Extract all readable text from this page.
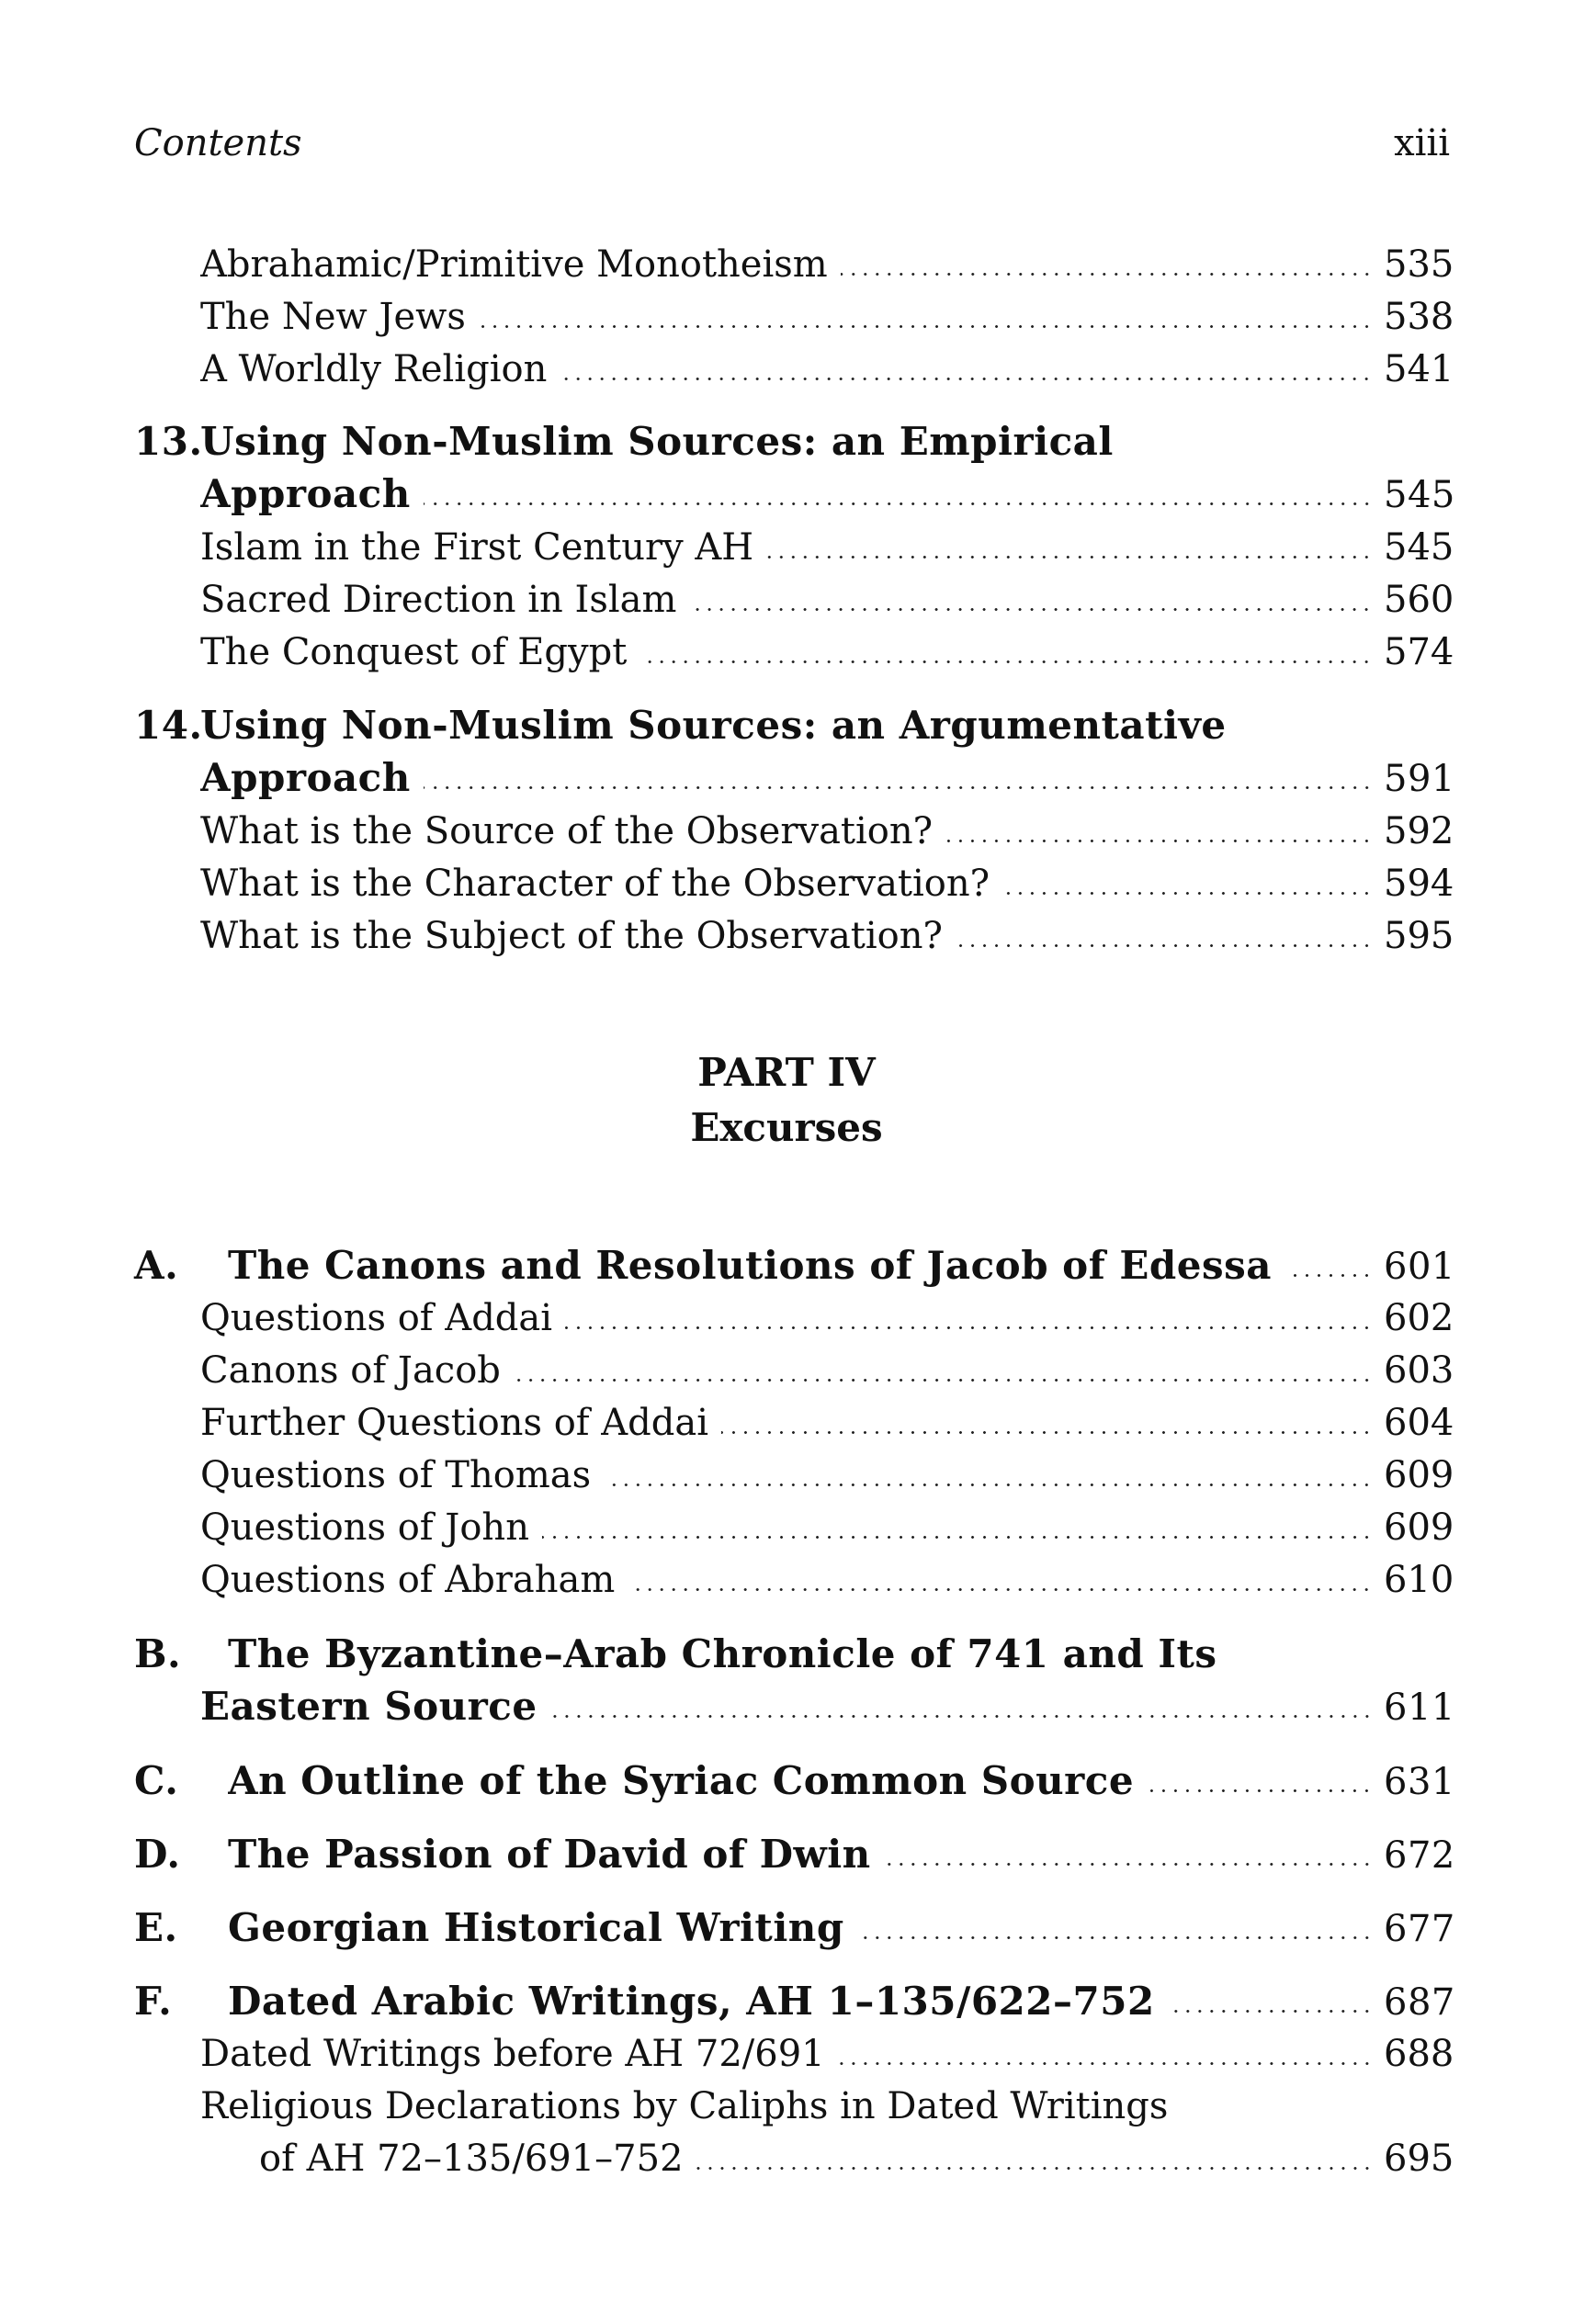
Contents	xiii
Abrahamic/Primitive Monotheism	535
The New Jews	538
A Worldly Religion	541
13.
Using Non-Muslim Sources: an Empirical
Approach	545
Islam in the First Century AH	545
Sacred Direction in Islam	560
The Conquest of Egypt	574
14.
Using Non-Muslim Sources: an Argumentative
Approach	591
What is the Source of the Observation?	592
What is the Character of the Observation?	594
What is the Subject of the Observation?	595
PART IV
Excurses
A.	The Canons and Resolutions of Jacob of Edessa	601
Questions of Addai	602
Canons of Jacob	603
Further Questions of Addai	604
Questions of Thomas	609
Questions of John	609
Questions of Abraham	610
B.	The Byzantine–Arab Chronicle of 741 and Its
Eastern Source	611
C.	An Outline of the Syriac Common Source	631
D.	The Passion of David of Dwin	672
E.	Georgian Historical Writing	677
F.	Dated Arabic Writings, AH 1–135/622–752	687
Dated Writings before AH 72/691	688
Religious Declarations by Caliphs in Dated Writings
of AH 72–135/691–752	695
